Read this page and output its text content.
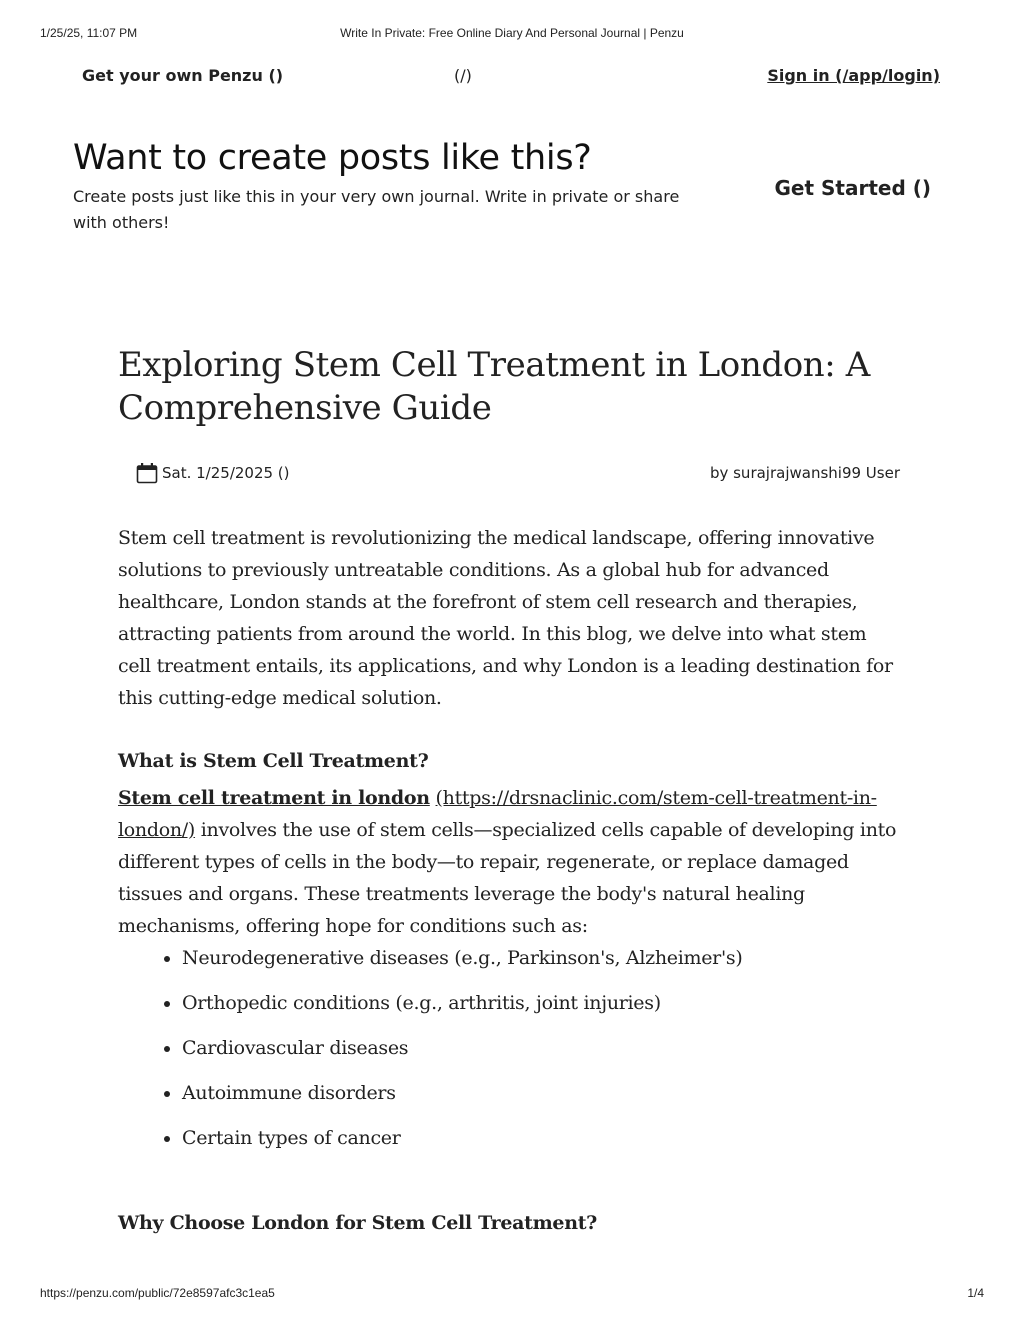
1/25/25, 11:07 PM	Write In Private: Free Online Diary And Personal Journal | Penzu
Get your own Penzu ()	(/)	Sign in (/app/login)
Want to create posts like this?

Create posts just like this in your very own journal. Write in private or share with others!

Get Started ()
Exploring Stem Cell Treatment in London: A Comprehensive Guide
Sat. 1/25/2025 ()	by surajrajwanshi99 User

Stem cell treatment is revolutionizing the medical landscape, offering innovative solutions to previously untreatable conditions. As a global hub for advanced healthcare, London stands at the forefront of stem cell research and therapies, attracting patients from around the world. In this blog, we delve into what stem cell treatment entails, its applications, and why London is a leading destination for this cutting-edge medical solution.

What is Stem Cell Treatment?

Stem cell treatment in london (https://drsnaclinic.com/stem-cell-treatment-in-london/) involves the use of stem cells—specialized cells capable of developing into different types of cells in the body—to repair, regenerate, or replace damaged tissues and organs. These treatments leverage the body's natural healing mechanisms, offering hope for conditions such as:

• Neurodegenerative diseases (e.g., Parkinson's, Alzheimer's)
• Orthopedic conditions (e.g., arthritis, joint injuries)
• Cardiovascular diseases
• Autoimmune disorders
• Certain types of cancer
Why Choose London for Stem Cell Treatment?
https://penzu.com/public/72e8597afc3c1ea5	1/4
